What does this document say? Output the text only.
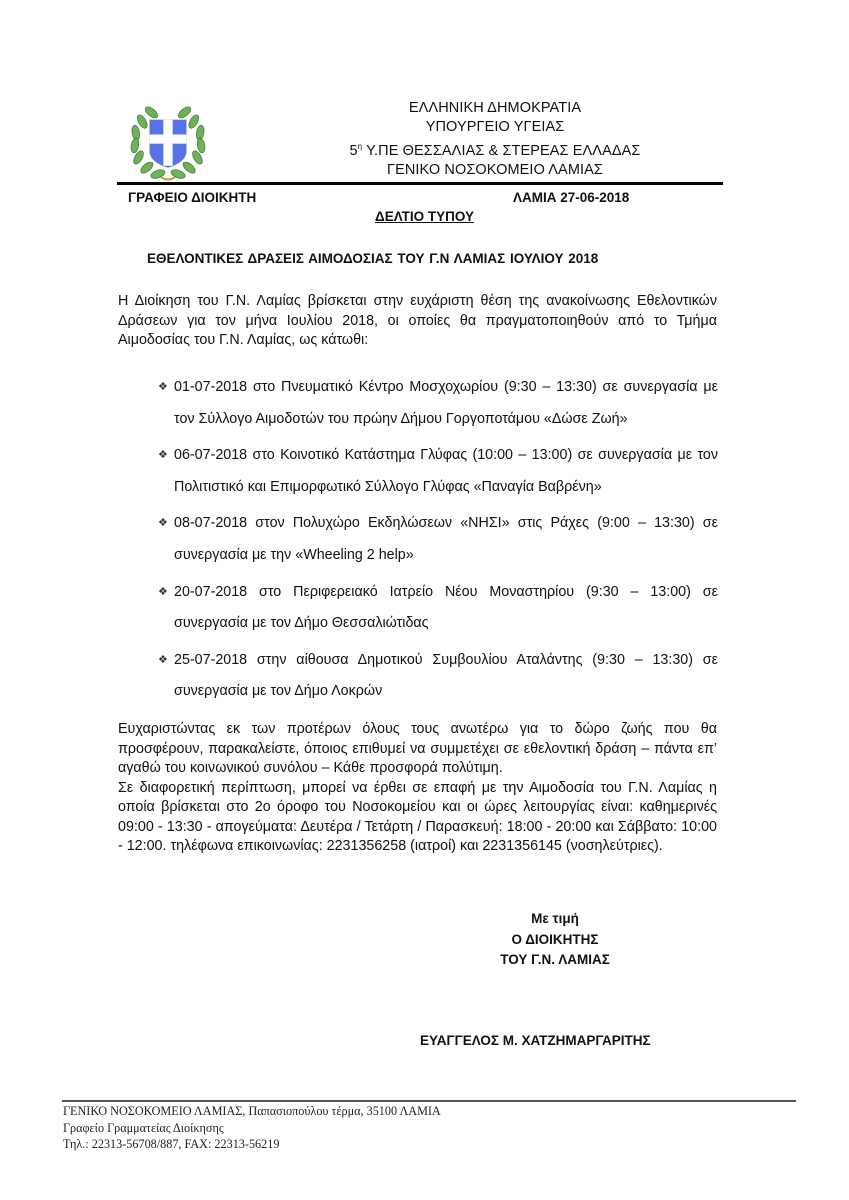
ΕΛΛΗΝΙΚΗ ΔΗΜΟΚΡΑΤΙΑ
ΥΠΟΥΡΓΕΙΟ ΥΓΕΙΑΣ
$5^\eta$ Υ.ΠΕ ΘΕΣΣΑΛΙΑΣ & ΣΤΕΡΕΑΣ ΕΛΛΑΔΑΣ
ΓΕΝΙΚΟ ΝΟΣΟΚΟΜΕΙΟ ΛΑΜΙΑΣ
ΓΡΑΦΕΙΟ ΔΙΟΙΚΗΤΗ	ΛΑΜΙΑ 27-06-2018
ΔΕΛΤΙΟ ΤΥΠΟΥ
ΕΘΕΛΟΝΤΙΚΕΣ ΔΡΑΣΕΙΣ ΑΙΜΟΔΟΣΙΑΣ ΤΟΥ Γ.Ν ΛΑΜΙΑΣ ΙΟΥΛΙΟΥ 2018
Η Διοίκηση του Γ.Ν. Λαμίας βρίσκεται στην ευχάριστη θέση της ανακοίνωσης Εθελοντικών Δράσεων για τον μήνα Ιουλίου 2018, οι οποίες θα πραγματοποιηθούν από το Τμήμα Αιμοδοσίας του Γ.Ν. Λαμίας, ως κάτωθι:
❖ 01-07-2018 στο Πνευματικό Κέντρο Μοσχοχωρίου (9:30 – 13:30) σε συνεργασία με τον Σύλλογο Αιμοδοτών του πρώην Δήμου Γοργοποτάμου «Δώσε Ζωή»
❖ 06-07-2018 στο Κοινοτικό Κατάστημα Γλύφας (10:00 – 13:00) σε συνεργασία με τον Πολιτιστικό και Επιμορφωτικό Σύλλογο Γλύφας «Παναγία Βαβρένη»
❖ 08-07-2018 στον Πολυχώρο Εκδηλώσεων «ΝΗΣΙ» στις Ράχες (9:00 – 13:30) σε συνεργασία με την «Wheeling 2 help»
❖ 20-07-2018 στο Περιφερειακό Ιατρείο Νέου Μοναστηρίου (9:30 – 13:00) σε συνεργασία με τον Δήμο Θεσσαλιώτιδας
❖ 25-07-2018 στην αίθουσα Δημοτικού Συμβουλίου Αταλάντης (9:30 – 13:30) σε συνεργασία με τον Δήμο Λοκρών
Ευχαριστώντας εκ των προτέρων όλους τους ανωτέρω για το δώρο ζωής που θα προσφέρουν, παρακαλείστε, όποιος επιθυμεί να συμμετέχει σε εθελοντική δράση – πάντα επ’ αγαθώ του κοινωνικού συνόλου – Κάθε προσφορά πολύτιμη.
Σε διαφορετική περίπτωση, μπορεί να έρθει σε επαφή με την Αιμοδοσία του Γ.Ν. Λαμίας η οποία βρίσκεται στο 2ο όροφο του Νοσοκομείου και οι ώρες λειτουργίας είναι: καθημερινές 09:00 - 13:30 - απογεύματα: Δευτέρα / Τετάρτη / Παρασκευή: 18:00 - 20:00 και Σάββατο: 10:00 - 12:00. τηλέφωνα επικοινωνίας: 2231356258 (ιατροί) και 2231356145 (νοσηλεύτριες).
Με τιμή
Ο ΔΙΟΙΚΗΤΗΣ
ΤΟΥ Γ.Ν. ΛΑΜΙΑΣ
ΕΥΑΓΓΕΛΟΣ Μ. ΧΑΤΖΗΜΑΡΓΑΡΙΤΗΣ
ΓΕΝΙΚΟ ΝΟΣΟΚΟΜΕΙΟ ΛΑΜΙΑΣ, Παπασιοπούλου τέρμα, 35100 ΛΑΜΙΑ
Γραφείο Γραμματείας Διοίκησης
Τηλ.: 22313-56708/887, FAX: 22313-56219
